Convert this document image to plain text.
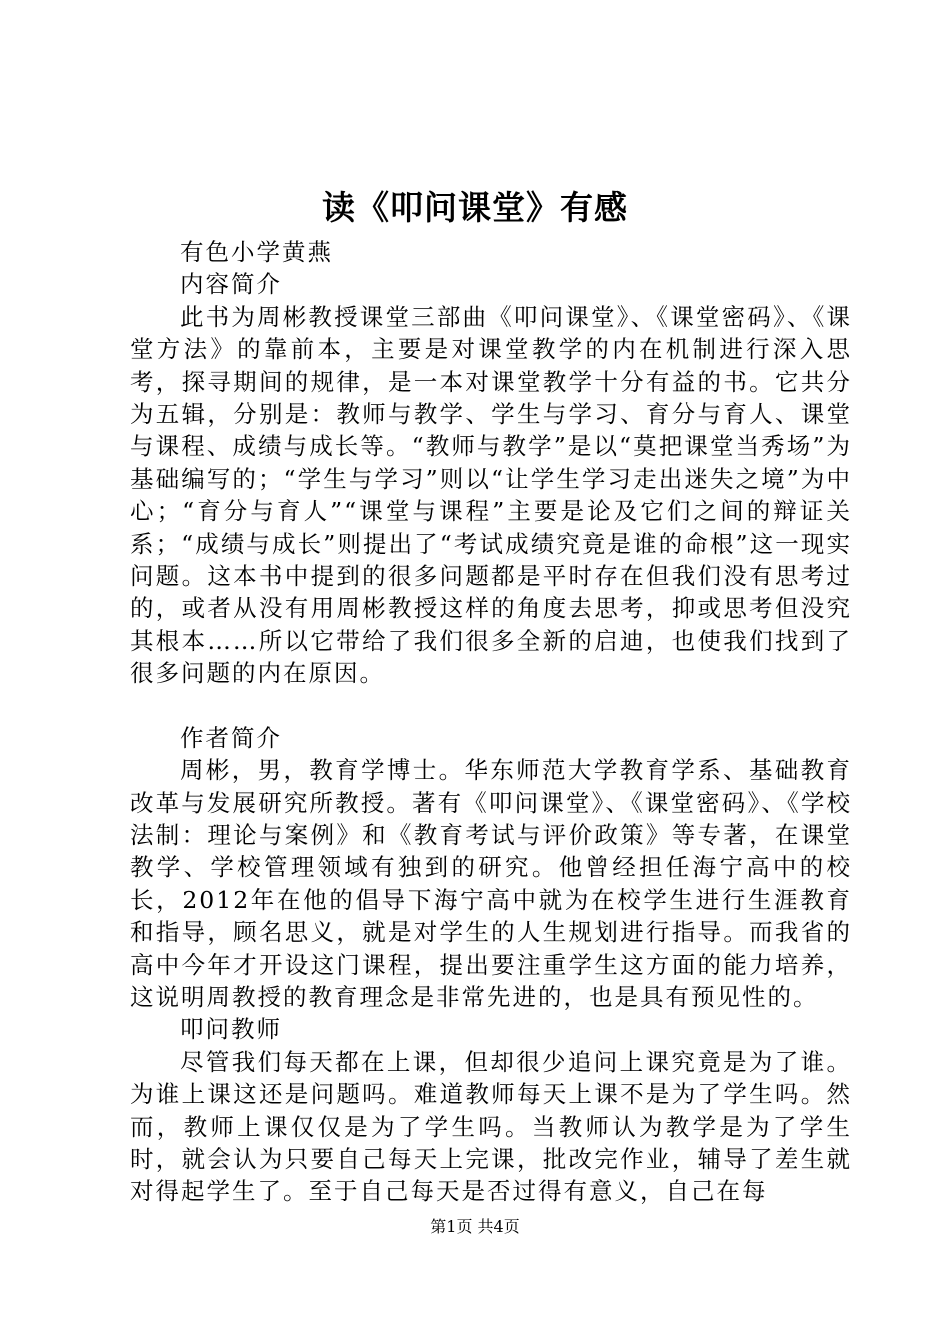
读《叩问课堂》有感

有色小学黄燕

内容简介

此书为周彬教授课堂三部曲《叩问课堂》、《课堂密码》、《课堂方法》的靠前本，主要是对课堂教学的内在机制进行深入思考，探寻期间的规律，是一本对课堂教学十分有益的书。它共分为五辑，分别是：教师与教学、学生与学习、育分与育人、课堂与课程、成绩与成长等。“教师与教学”是以“莫把课堂当秀场”为基础编写的；“学生与学习”则以“让学生学习走出迷失之境”为中心；“育分与育人”“课堂与课程”主要是论及它们之间的辩证关系；“成绩与成长”则提出了“考试成绩究竟是谁的命根”这一现实问题。这本书中提到的很多问题都是平时存在但我们没有思考过的，或者从没有用周彬教授这样的角度去思考，抑或思考但没究其根本……所以它带给了我们很多全新的启迪，也使我们找到了很多问题的内在原因。

作者简介

周彬，男，教育学博士。华东师范大学教育学系、基础教育改革与发展研究所教授。著有《叩问课堂》、《课堂密码》、《学校法制：理论与案例》和《教育考试与评价政策》等专著，在课堂教学、学校管理领域有独到的研究。他曾经担任海宁高中的校长，2012年在他的倡导下海宁高中就为在校学生进行生涯教育和指导，顾名思义，就是对学生的人生规划进行指导。而我省的高中今年才开设这门课程，提出要注重学生这方面的能力培养，这说明周教授的教育理念是非常先进的，也是具有预见性的。

叩问教师

尽管我们每天都在上课，但却很少追问上课究竟是为了谁。为谁上课这还是问题吗。难道教师每天上课不是为了学生吗。然而，教师上课仅仅是为了学生吗。当教师认为教学是为了学生时，就会认为只要自己每天上完课，批改完作业，辅导了差生就对得起学生了。至于自己每天是否过得有意义，自己在每

第1页 共4页
